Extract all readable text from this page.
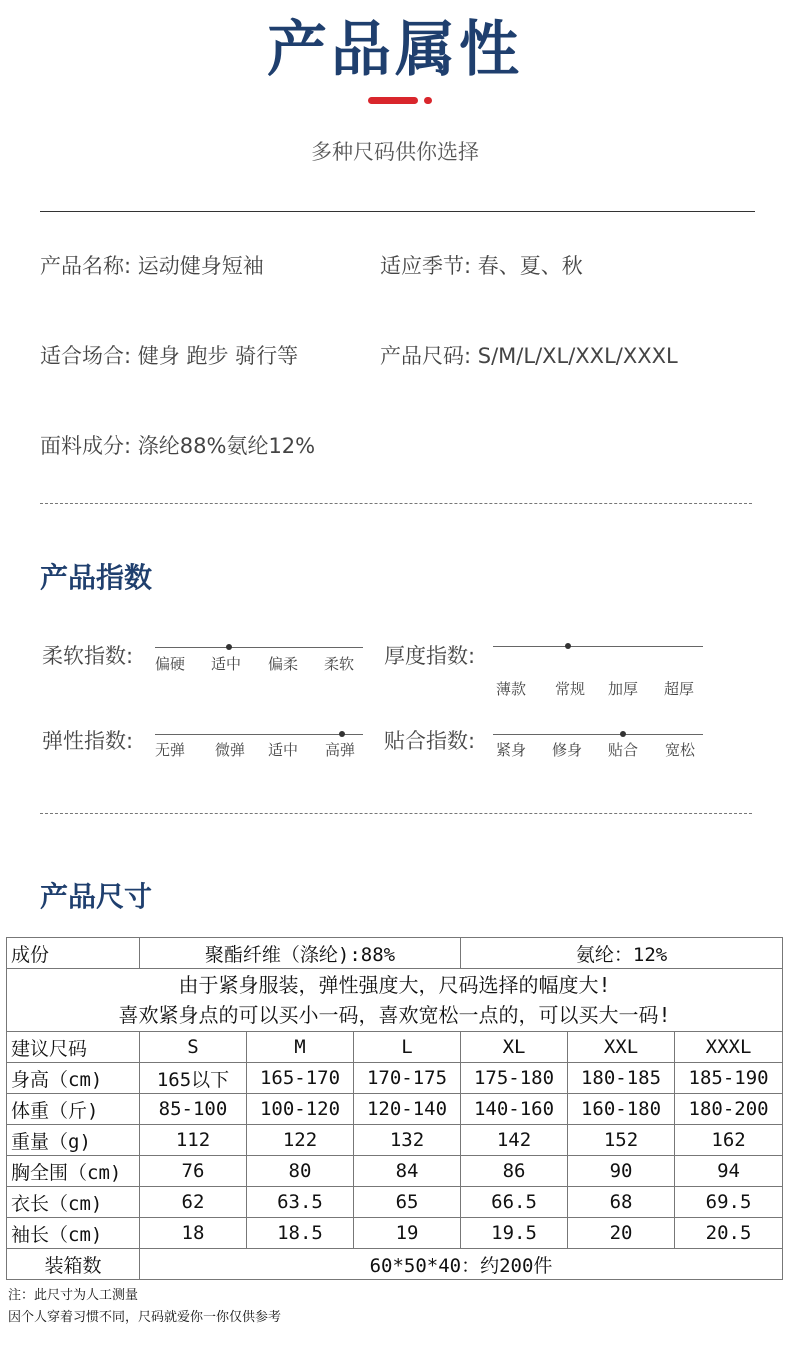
产品属性
多种尺码供你选择
产品名称: 运动健身短袖	适应季节: 春、夏、秋
适合场合: 健身 跑步 骑行等	产品尺码: S/M/L/XL/XXL/XXXL
面料成分: 涤纶88%氨纶12%
产品指数
柔软指数: 偏硬 适中 偏柔 柔软 厚度指数:
薄款 常规 加厚 超厚
弹性指数: 无弹 微弹 适中 高弹 贴合指数: 紧身 修身 贴合 宽松
产品尺寸
成份	聚酯纤维（涤纶):88%			氨纶：12%		

由于紧身服装，弹性强度大，尺码选择的幅度大!
喜欢紧身点的可以买小一码，喜欢宽松一点的，可以买大一码!						

建议尺码	S	M	L	XL	XXL	XXXL
身高（cm)	165以下	165-170	170-175	175-180	180-185	185-190
体重（斤)	85-100	100-120	120-140	140-160	160-180	180-200
重量（g)	112	122	132	142	152	162
胸全围（cm)	76	80	84	86	90	94
衣长（cm)	62	63.5	65	66.5	68	69.5
袖长（cm)	18	18.5	19	19.5	20	20.5
装箱数	60*50*40：约200件					
注：此尺寸为人工测量
因个人穿着习惯不同，尺码就爱你一你仅供参考
